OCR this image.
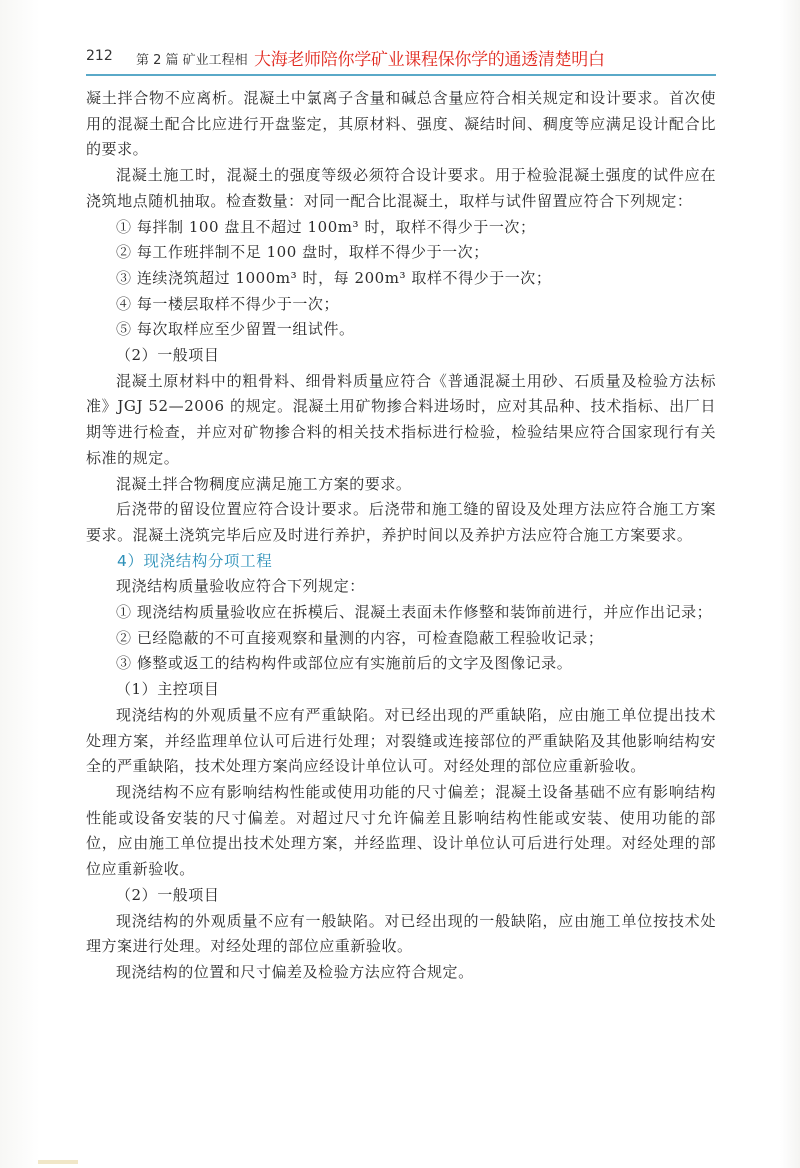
212 第 2 篇 矿业工程相 大海老师陪你学矿业课程保你学的通透清楚明白

凝土拌合物不应离析。混凝土中氯离子含量和碱总含量应符合相关规定和设计要求。首次使用的混凝土配合比应进行开盘鉴定，其原材料、强度、凝结时间、稠度等应满足设计配合比的要求。

混凝土施工时，混凝土的强度等级必须符合设计要求。用于检验混凝土强度的试件应在浇筑地点随机抽取。检查数量：对同一配合比混凝土，取样与试件留置应符合下列规定：

① 每拌制 100 盘且不超过 100m³ 时，取样不得少于一次；

② 每工作班拌制不足 100 盘时，取样不得少于一次；

③ 连续浇筑超过 1000m³ 时，每 200m³ 取样不得少于一次；

④ 每一楼层取样不得少于一次；

⑤ 每次取样应至少留置一组试件。

（2）一般项目

混凝土原材料中的粗骨料、细骨料质量应符合《普通混凝土用砂、石质量及检验方法标准》JGJ 52—2006 的规定。混凝土用矿物掺合料进场时，应对其品种、技术指标、出厂日期等进行检查，并应对矿物掺合料的相关技术指标进行检验，检验结果应符合国家现行有关标准的规定。

混凝土拌合物稠度应满足施工方案的要求。

后浇带的留设位置应符合设计要求。后浇带和施工缝的留设及处理方法应符合施工方案要求。混凝土浇筑完毕后应及时进行养护，养护时间以及养护方法应符合施工方案要求。

4）现浇结构分项工程

现浇结构质量验收应符合下列规定：

① 现浇结构质量验收应在拆模后、混凝土表面未作修整和装饰前进行，并应作出记录；

② 已经隐蔽的不可直接观察和量测的内容，可检查隐蔽工程验收记录；

③ 修整或返工的结构构件或部位应有实施前后的文字及图像记录。

（1）主控项目

现浇结构的外观质量不应有严重缺陷。对已经出现的严重缺陷，应由施工单位提出技术处理方案，并经监理单位认可后进行处理；对裂缝或连接部位的严重缺陷及其他影响结构安全的严重缺陷，技术处理方案尚应经设计单位认可。对经处理的部位应重新验收。

现浇结构不应有影响结构性能或使用功能的尺寸偏差；混凝土设备基础不应有影响结构性能或设备安装的尺寸偏差。对超过尺寸允许偏差且影响结构性能或安装、使用功能的部位，应由施工单位提出技术处理方案，并经监理、设计单位认可后进行处理。对经处理的部位应重新验收。

（2）一般项目

现浇结构的外观质量不应有一般缺陷。对已经出现的一般缺陷，应由施工单位按技术处理方案进行处理。对经处理的部位应重新验收。

现浇结构的位置和尺寸偏差及检验方法应符合规定。
